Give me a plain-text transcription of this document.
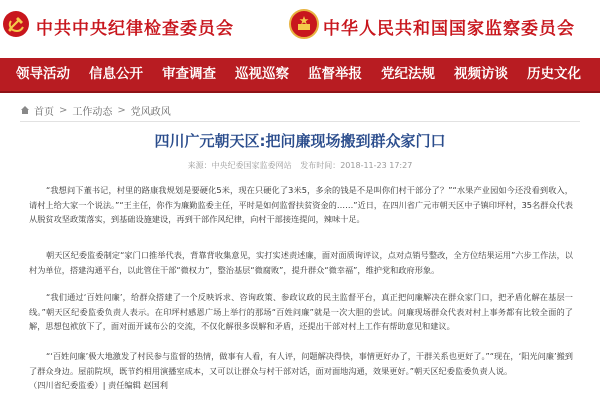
中共中央纪律检查委员会	中华人民共和国国家监察委员会
领导活动 信息公开 审查调查 巡视巡察 监督举报 党纪法规 视频访谈 历史文化
首页 > 工作动态 > 党风政风
四川广元朝天区:把问廉现场搬到群众家门口
来源：中央纪委国家监委网站 发布时间：2018-11-23 17:27

“我想问下董书记，村里的路康我规划是要硬化5米，现在只硬化了3米5，多余的钱是不是叫你们村干部分了？”“水果产业园如今还没看到收入，请村上给大家一个说法。”“王主任，你作为廉勤监委主任，平时是如何监督扶贫资金的……”近日，在四川省广元市朝天区中子镇印坪村，35名群众代表从脱贫攻坚政策落实，到基础设施建设，再到干部作风纪律，向村干部接连提问，辣味十足。

朝天区纪委监委制定“家门口推举代表，背靠背收集意见，实打实述责述廉，面对面质询评议，点对点销号整改，全方位结果运用”六步工作法，以村为单位，搭建沟通平台，以此管住干部“微权力”，整治基层“微腐败”，提升群众“微幸福”，维护党和政府形象。

“我们通过‘百姓问廉’，给群众搭建了一个反映诉求、咨询政策、参政议政的民主监督平台，真正把问廉解决在群众家门口，把矛盾化解在基层一线。”朝天区纪委监委负责人表示。在印坪村感恩广场上举行的那场“百姓问廉”就是一次大胆的尝试。问廉现场群众代表对村上事务都有比较全面的了解，思想包袱放下了，面对面开诚布公的交流，不仅化解很多误解和矛盾，还提出干部对村上工作有帮助意见和建议。

“‘百姓问廉’极大地激发了村民参与监督的热情，做事有人看，有人评，问题解决得快，事情更好办了，干群关系也更好了。”“现在，‘阳光问廉’搬到了群众身边。屋前院坝，既节约相用演播室成本，又可以让群众与村干部对话，面对面地沟通，效果更好。”朝天区纪委监委负责人说。

（四川省纪委监委）| 责任编辑 赵国利
